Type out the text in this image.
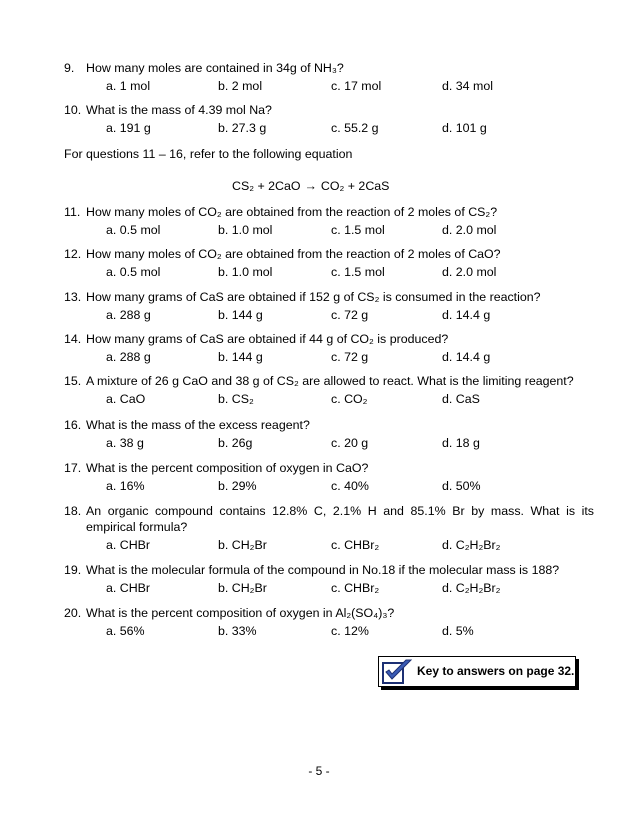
9. How many moles are contained in 34g of NH₃?
a. 1 mol	b. 2 mol	c. 17 mol	d. 34 mol
10. What is the mass of 4.39 mol Na?
a. 191 g	b. 27.3 g	c. 55.2 g	d. 101 g
For questions 11 – 16, refer to the following equation
CS₂ + 2CaO → CO₂ + 2CaS
11. How many moles of CO₂ are obtained from the reaction of 2 moles of CS₂?
a. 0.5 mol	b. 1.0 mol	c. 1.5 mol	d. 2.0 mol
12. How many moles of CO₂ are obtained from the reaction of 2 moles of CaO?
a. 0.5 mol	b. 1.0 mol	c. 1.5 mol	d. 2.0 mol
13. How many grams of CaS are obtained if 152 g of CS₂ is consumed in the reaction?
a. 288 g	b. 144 g	c. 72 g	d. 14.4 g
14. How many grams of CaS are obtained if 44 g of CO₂ is produced?
a. 288 g	b. 144 g	c. 72 g	d. 14.4 g
15. A mixture of 26 g CaO and 38 g of CS₂ are allowed to react. What is the limiting reagent?
a. CaO	b. CS₂	c. CO₂	d. CaS
16. What is the mass of the excess reagent?
a. 38 g	b. 26g	c. 20 g	d. 18 g
17. What is the percent composition of oxygen in CaO?
a. 16%	b. 29%	c. 40%	d. 50%
18. An organic compound contains 12.8% C, 2.1% H and 85.1% Br by mass. What is its empirical formula?
a. CHBr	b. CH₂Br	c. CHBr₂	d. C₂H₂Br₂
19. What is the molecular formula of the compound in No.18 if the molecular mass is 188?
a. CHBr	b. CH₂Br	c. CHBr₂	d. C₂H₂Br₂
20. What is the percent composition of oxygen in Al₂(SO₄)₃?
a. 56%	b. 33%	c. 12%	d. 5%
Key to answers on page 32.
- 5 -
